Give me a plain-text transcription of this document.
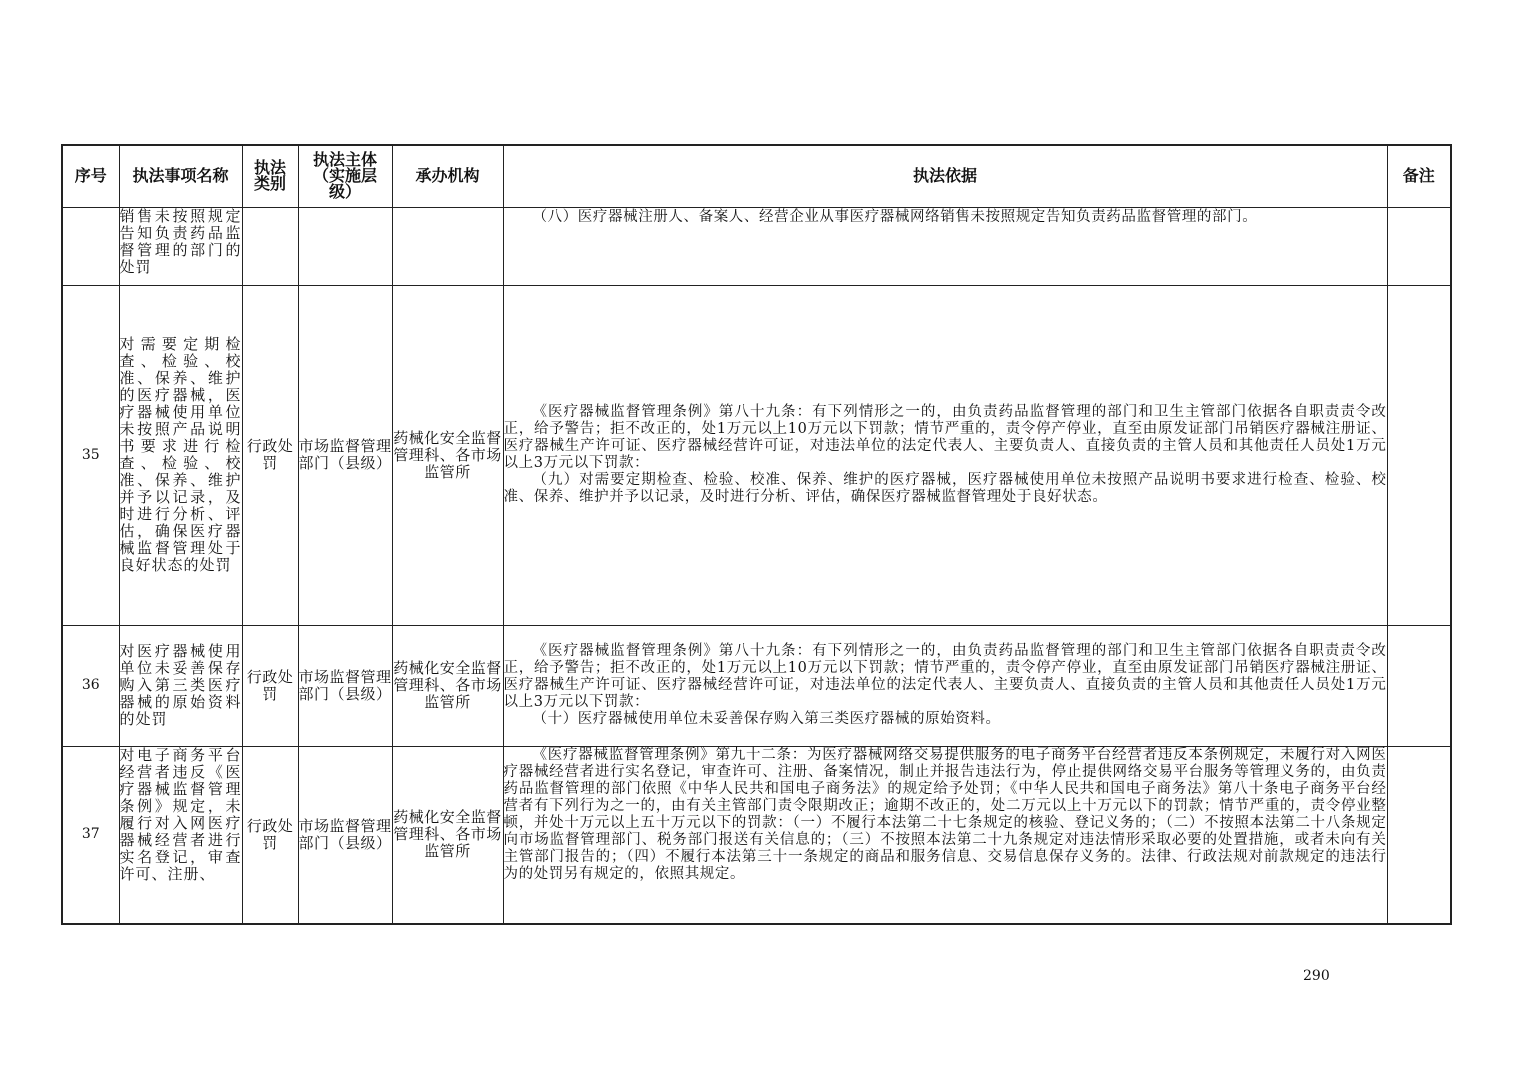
序号	执法事项名称	执法类别	执法主体（实施层级）	承办机构	执法依据	备注
	销售未按照规定告知负责药品监督管理的部门的处罚				（八）医疗器械注册人、备案人、经营企业从事医疗器械网络销售未按照规定告知负责药品监督管理的部门。	

35	对需要定期检查、检验、校准、保养、维护的医疗器械，医疗器械使用单位未按照产品说明书要求进行检查、检验、校准、保养、维护并予以记录，及时进行分析、评估，确保医疗器械监督管理处于良好状态的处罚	行政处罚	市场监督管理部门（县级）	药械化安全监督管理科、各市场监管所	《医疗器械监督管理条例》第八十九条：有下列情形之一的，由负责药品监督管理的部门和卫生主管部门依据各自职责责令改正，给予警告；拒不改正的，处1万元以上10万元以下罚款；情节严重的，责令停产停业，直至由原发证部门吊销医疗器械注册证、医疗器械生产许可证、医疗器械经营许可证，对违法单位的法定代表人、主要负责人、直接负责的主管人员和其他责任人员处1万元以上3万元以下罚款：

（九）对需要定期检查、检验、校准、保养、维护的医疗器械，医疗器械使用单位未按照产品说明书要求进行检查、检验、校准、保养、维护并予以记录，及时进行分析、评估，确保医疗器械监督管理处于良好状态。	

36	对医疗器械使用单位未妥善保存购入第三类医疗器械的原始资料的处罚	行政处罚	市场监督管理部门（县级）	药械化安全监督管理科、各市场监管所	《医疗器械监督管理条例》第八十九条：有下列情形之一的，由负责药品监督管理的部门和卫生主管部门依据各自职责责令改正，给予警告；拒不改正的，处1万元以上10万元以下罚款；情节严重的，责令停产停业，直至由原发证部门吊销医疗器械注册证、医疗器械生产许可证、医疗器械经营许可证，对违法单位的法定代表人、主要负责人、直接负责的主管人员和其他责任人员处1万元以上3万元以下罚款：

（十）医疗器械使用单位未妥善保存购入第三类医疗器械的原始资料。	

37	对电子商务平台经营者违反《医疗器械监督管理条例》规定，未履行对入网医疗器械经营者进行实名登记，审查许可、注册、	行政处罚	市场监督管理部门（县级）	药械化安全监督管理科、各市场监管所	《医疗器械监督管理条例》第九十二条：为医疗器械网络交易提供服务的电子商务平台经营者违反本条例规定，未履行对入网医疗器械经营者进行实名登记，审查许可、注册、备案情况，制止并报告违法行为，停止提供网络交易平台服务等管理义务的，由负责药品监督管理的部门依照《中华人民共和国电子商务法》的规定给予处罚；《中华人民共和国电子商务法》第八十条电子商务平台经营者有下列行为之一的，由有关主管部门责令限期改正；逾期不改正的，处二万元以上十万元以下的罚款；情节严重的，责令停业整顿，并处十万元以上五十万元以下的罚款：（一）不履行本法第二十七条规定的核验、登记义务的；（二）不按照本法第二十八条规定向市场监督管理部门、税务部门报送有关信息的；（三）不按照本法第二十九条规定对违法情形采取必要的处置措施，或者未向有关主管部门报告的；（四）不履行本法第三十一条规定的商品和服务信息、交易信息保存义务的。法律、行政法规对前款规定的违法行为的处罚另有规定的，依照其规定。	

290
